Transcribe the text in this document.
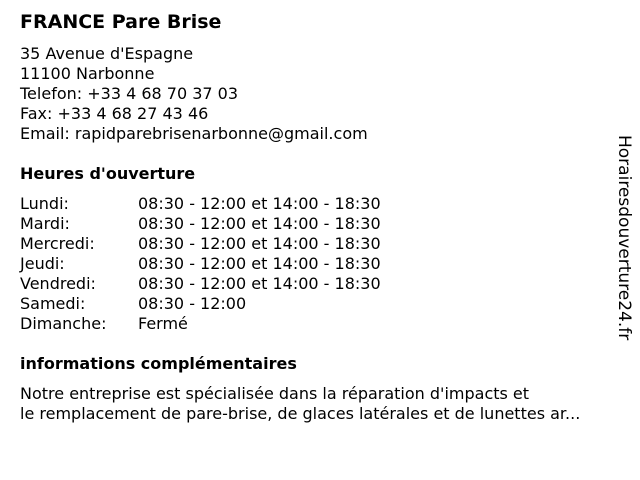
FRANCE Pare Brise
35 Avenue d'Espagne
11100 Narbonne
Telefon: +33 4 68 70 37 03
Fax: +33 4 68 27 43 46
Email: rapidparebrisenarbonne@gmail.com
Heures d'ouverture
Lundi:	08:30 - 12:00 et 14:00 - 18:30
Mardi:	08:30 - 12:00 et 14:00 - 18:30
Mercredi:	08:30 - 12:00 et 14:00 - 18:30
Jeudi:	08:30 - 12:00 et 14:00 - 18:30
Vendredi:	08:30 - 12:00 et 14:00 - 18:30
Samedi:	08:30 - 12:00
Dimanche:	Fermé
informations complémentaires
Notre entreprise est spécialisée dans la réparation d'impacts et
le remplacement de pare-brise, de glaces latérales et de lunettes ar...
Horairesdouverture24.fr
